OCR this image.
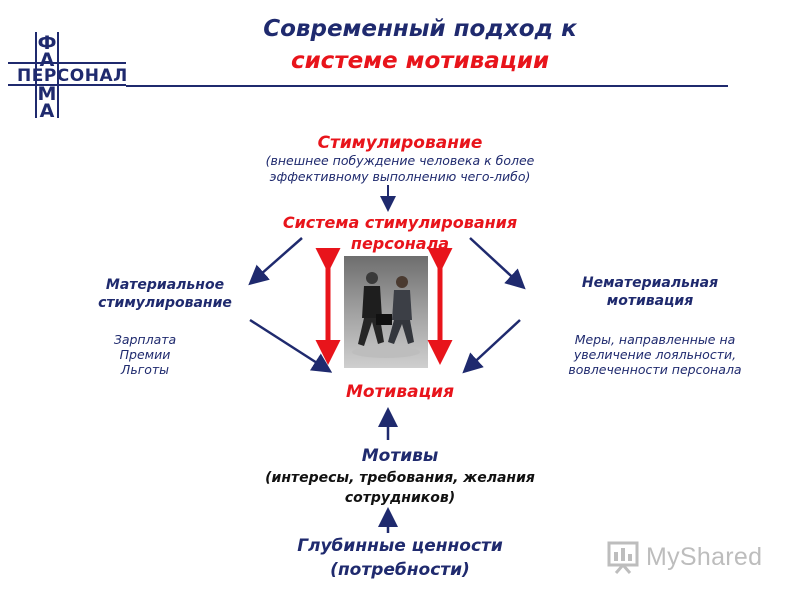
Ф
А
М
А
ПЕРСОНАЛ
Современный подход к
системе мотивации
Стимулирование
(внешнее побуждение человека к более
эффективному выполнению чего-либо)
Система стимулирования
персонала
Материальное
стимулирование
Зарплата
Премии
Льготы
Нематериальная
мотивация
Меры, направленные на
увеличение лояльности,
вовлеченности персонала
Мотивация
Мотивы
(интересы, требования, желания
сотрудников)
Глубинные ценности
(потребности)	MyShared
